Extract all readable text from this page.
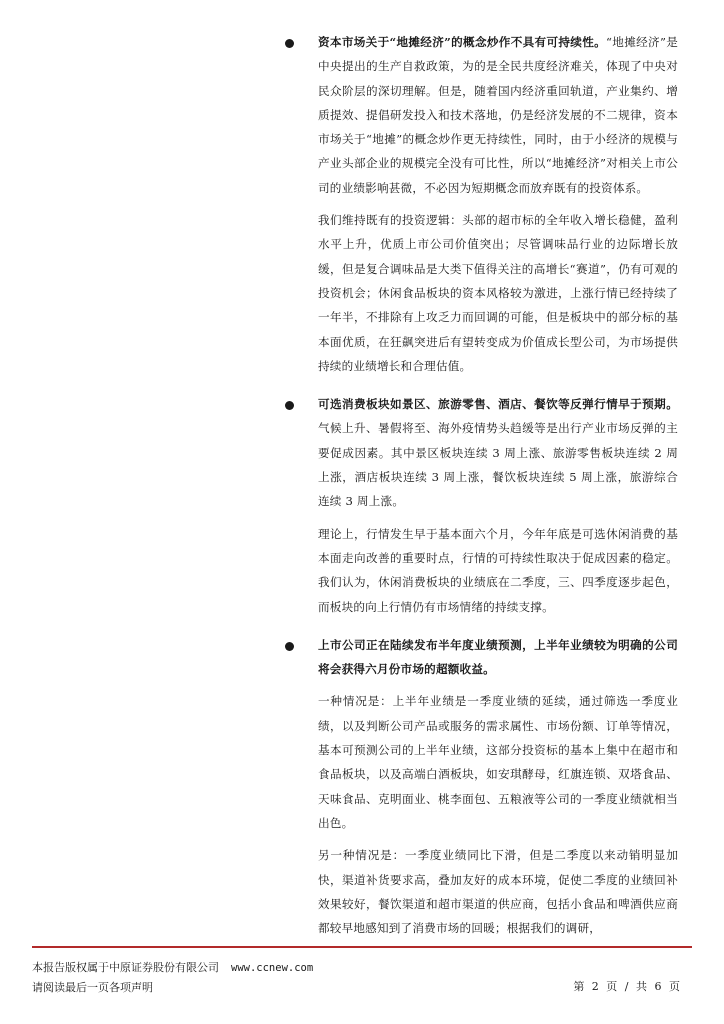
资本市场关于“地摊经济”的概念炒作不具有可持续性。“地摊经济”是中央提出的生产自救政策，为的是全民共度经济难关，体现了中央对民众阶层的深切理解。但是，随着国内经济重回轨道，产业集约、增质提效、提倡研发投入和技术落地，仍是经济发展的不二规律，资本市场关于“地摊”的概念炒作更无持续性，同时，由于小经济的规模与产业头部企业的规模完全没有可比性，所以“地摊经济”对相关上市公司的业绩影响甚微，不必因为短期概念而放弃既有的投资体系。

我们维持既有的投资逻辑：头部的超市标的全年收入增长稳健，盈利水平上升，优质上市公司价值突出；尽管调味品行业的边际增长放缓，但是复合调味品是大类下值得关注的高增长“赛道”，仍有可观的投资机会；休闲食品板块的资本风格较为激进，上涨行情已经持续了一年半，不排除有上攻乏力而回调的可能，但是板块中的部分标的基本面优质，在狂飙突进后有望转变成为价值成长型公司，为市场提供持续的业绩增长和合理估值。

可选消费板块如景区、旅游零售、酒店、餐饮等反弹行情早于预期。气候上升、暑假将至、海外疫情势头趋缓等是出行产业市场反弹的主要促成因素。其中景区板块连续 3 周上涨、旅游零售板块连续 2 周上涨，酒店板块连续 3 周上涨，餐饮板块连续 5 周上涨，旅游综合连续 3 周上涨。

理论上，行情发生早于基本面六个月，今年年底是可选休闲消费的基本面走向改善的重要时点，行情的可持续性取决于促成因素的稳定。我们认为，休闲消费板块的业绩底在二季度，三、四季度逐步起色，而板块的向上行情仍有市场情绪的持续支撑。

上市公司正在陆续发布半年度业绩预测，上半年业绩较为明确的公司将会获得六月份市场的超额收益。

一种情况是：上半年业绩是一季度业绩的延续，通过筛选一季度业绩，以及判断公司产品或服务的需求属性、市场份额、订单等情况，基本可预测公司的上半年业绩，这部分投资标的基本上集中在超市和食品板块，以及高端白酒板块，如安琪酵母，红旗连锁、双塔食品、天味食品、克明面业、桃李面包、五粮液等公司的一季度业绩就相当出色。

另一种情况是：一季度业绩同比下滑，但是二季度以来动销明显加快，渠道补货要求高，叠加友好的成本环境，促使二季度的业绩回补效果较好，餐饮渠道和超市渠道的供应商，包括小食品和啤酒供应商都较早地感知到了消费市场的回暖；根据我们的调研，

本报告版权属于中原证券股份有限公司 www.ccnew.com
请阅读最后一页各项声明	第 2 页 / 共 6 页
